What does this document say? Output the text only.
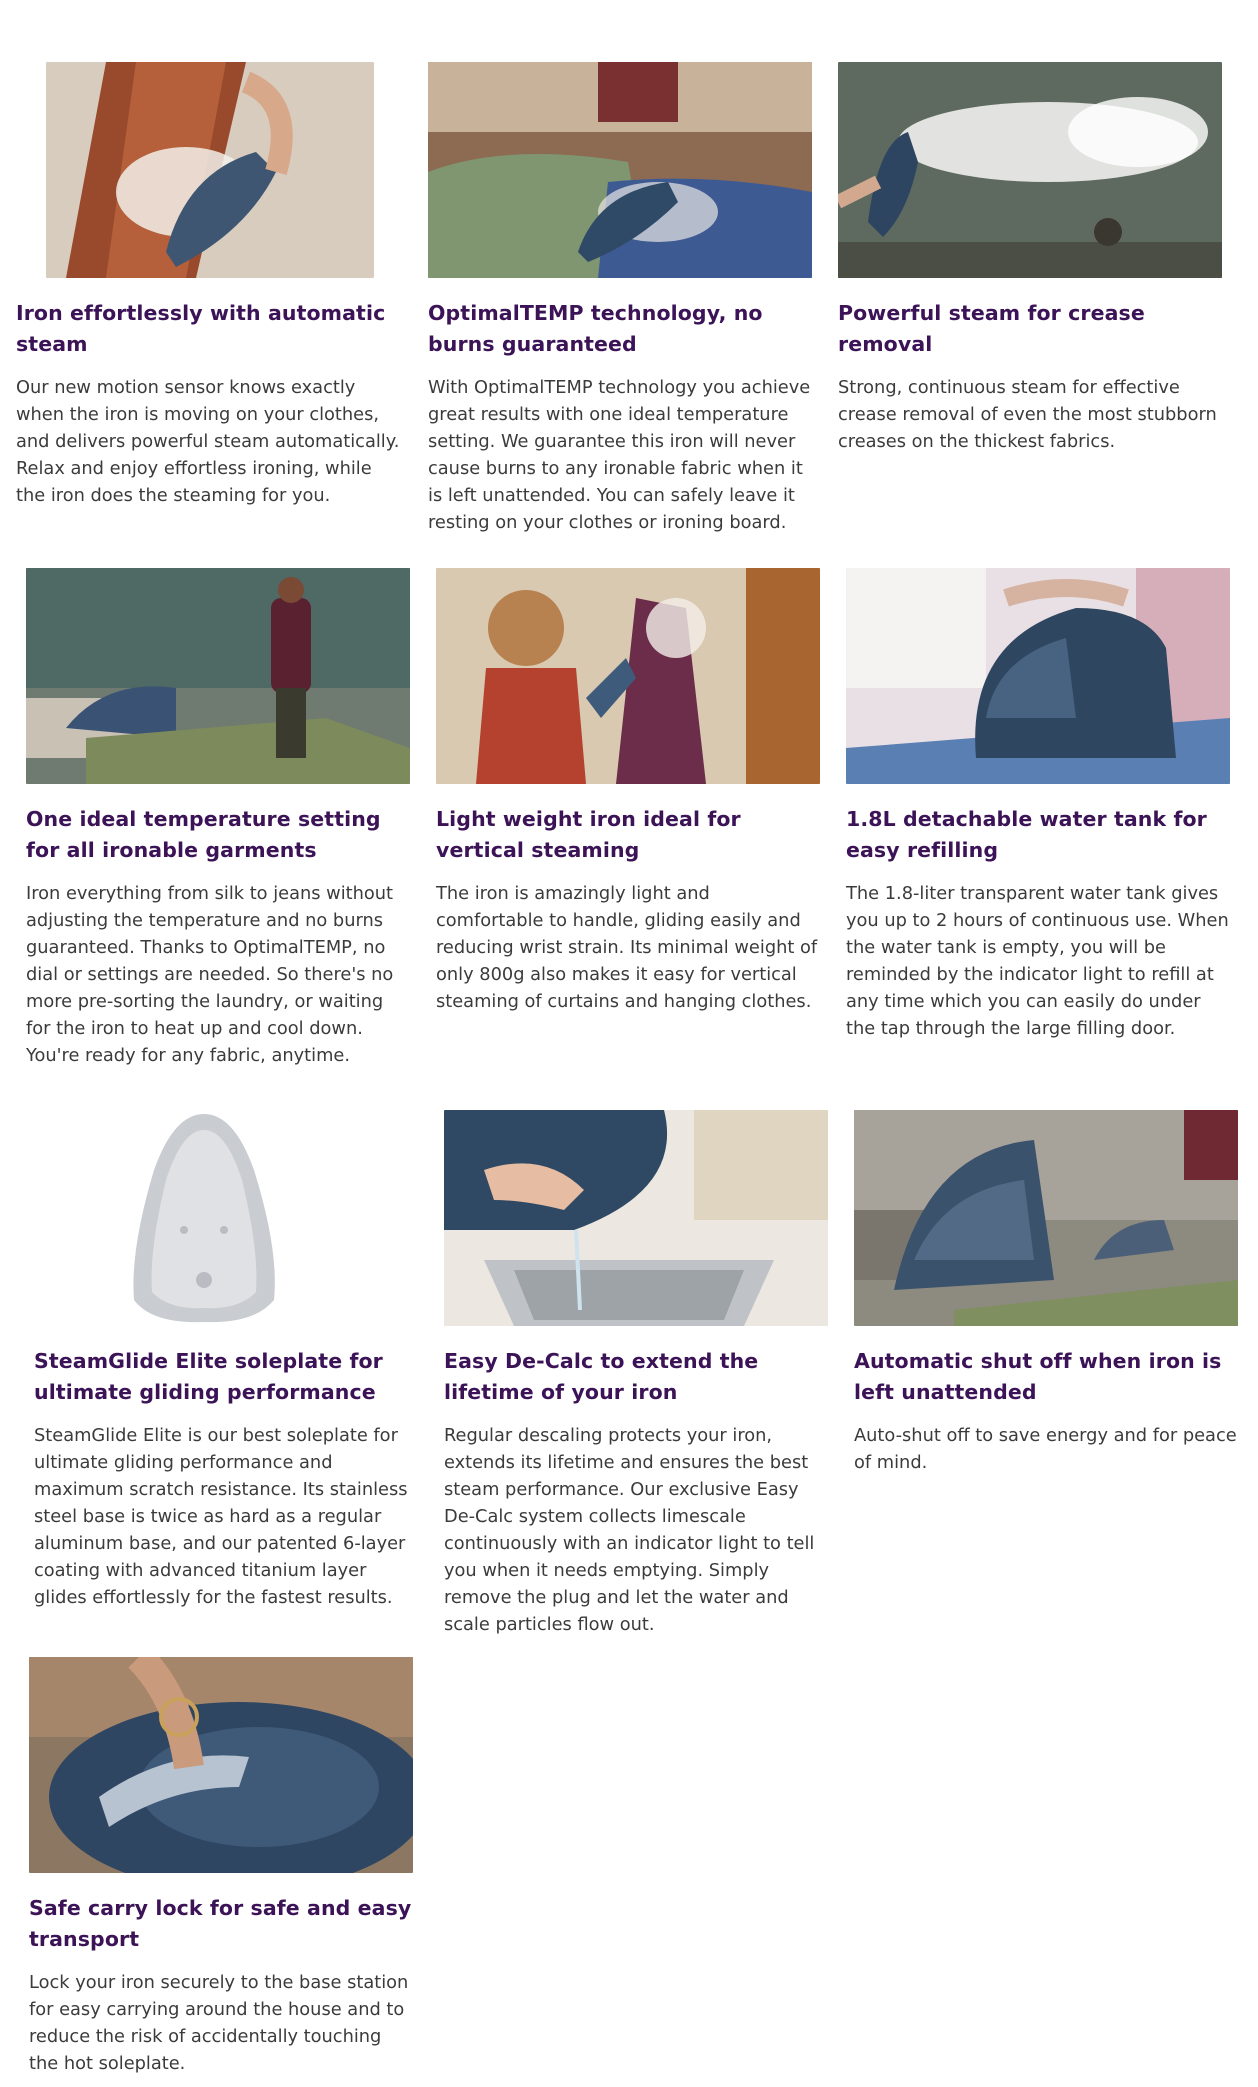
Iron effortlessly with automatic steam
Our new motion sensor knows exactly when the iron is moving on your clothes, and delivers powerful steam automatically. Relax and enjoy effortless ironing, while the iron does the steaming for you.
OptimalTEMP technology, no burns guaranteed
With OptimalTEMP technology you achieve great results with one ideal temperature setting. We guarantee this iron will never cause burns to any ironable fabric when it is left unattended. You can safely leave it resting on your clothes or ironing board.
Powerful steam for crease removal
Strong, continuous steam for effective crease removal of even the most stubborn creases on the thickest fabrics.
One ideal temperature setting for all ironable garments
Iron everything from silk to jeans without adjusting the temperature and no burns guaranteed. Thanks to OptimalTEMP, no dial or settings are needed. So there's no more pre-sorting the laundry, or waiting for the iron to heat up and cool down. You're ready for any fabric, anytime.
Light weight iron ideal for vertical steaming
The iron is amazingly light and comfortable to handle, gliding easily and reducing wrist strain. Its minimal weight of only 800g also makes it easy for vertical steaming of curtains and hanging clothes.
1.8L detachable water tank for easy refilling
The 1.8-liter transparent water tank gives you up to 2 hours of continuous use. When the water tank is empty, you will be reminded by the indicator light to refill at any time which you can easily do under the tap through the large filling door.
SteamGlide Elite soleplate for ultimate gliding performance
SteamGlide Elite is our best soleplate for ultimate gliding performance and maximum scratch resistance. Its stainless steel base is twice as hard as a regular aluminum base, and our patented 6-layer coating with advanced titanium layer glides effortlessly for the fastest results.
Easy De-Calc to extend the lifetime of your iron
Regular descaling protects your iron, extends its lifetime and ensures the best steam performance. Our exclusive Easy De-Calc system collects limescale continuously with an indicator light to tell you when it needs emptying. Simply remove the plug and let the water and scale particles flow out.
Automatic shut off when iron is left unattended
Auto-shut off to save energy and for peace of mind.
Safe carry lock for safe and easy transport
Lock your iron securely to the base station for easy carrying around the house and to reduce the risk of accidentally touching the hot soleplate.
